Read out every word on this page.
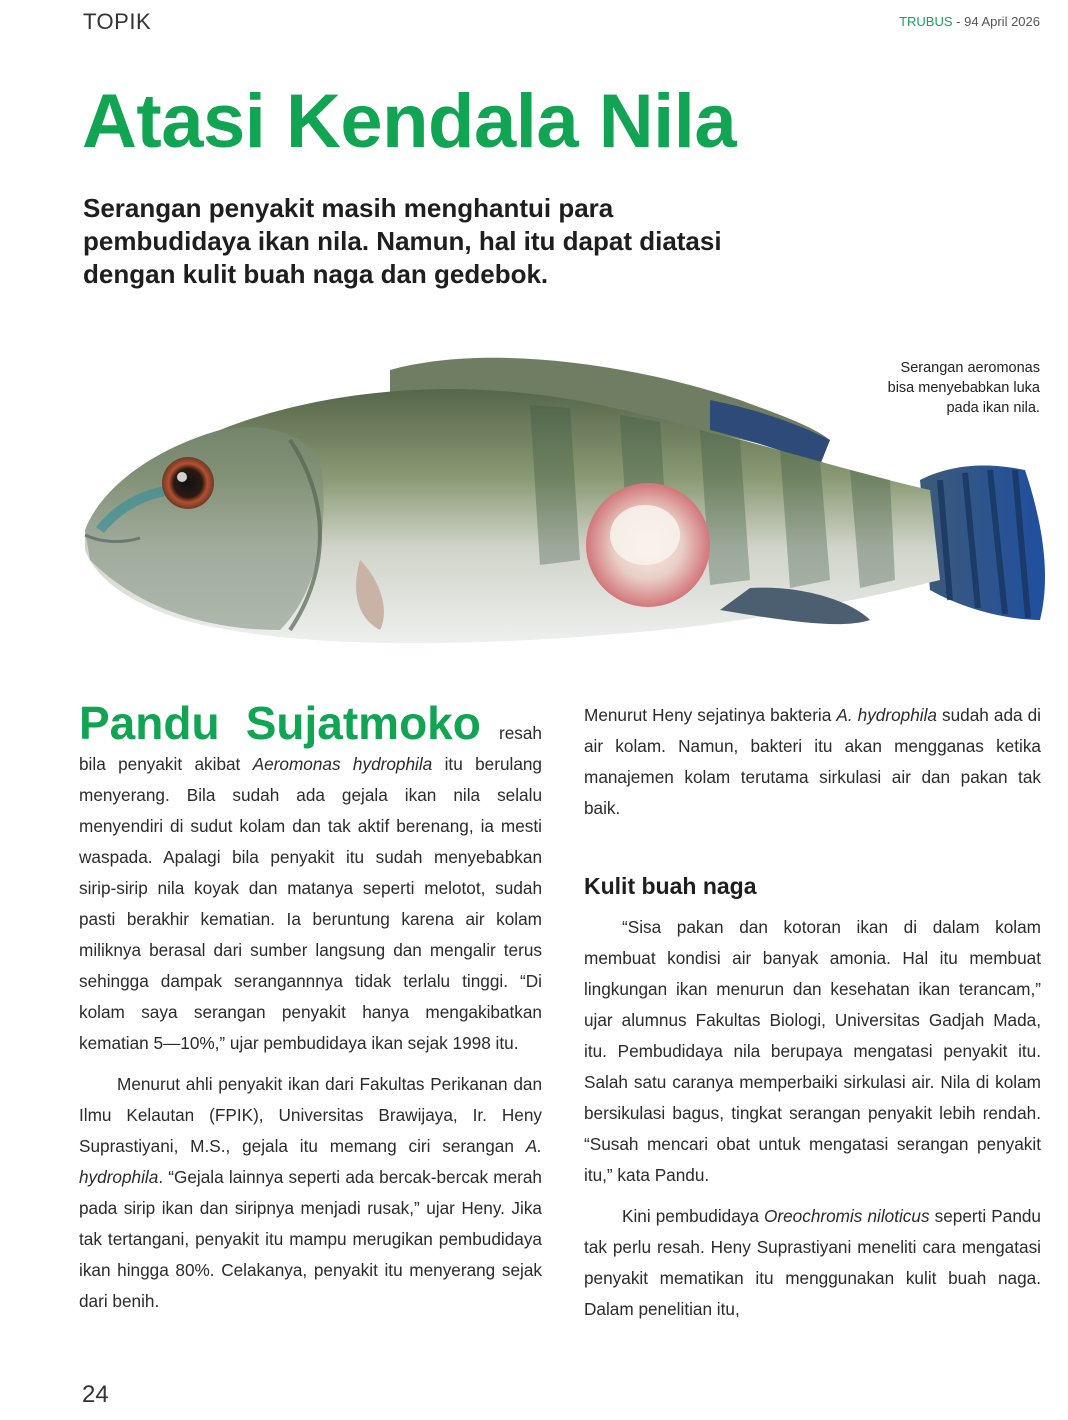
TOPIK	TRUBUS - 94 April 2026
Atasi Kendala Nila
Serangan penyakit masih menghantui para pembudidaya ikan nila. Namun, hal itu dapat diatasi dengan kulit buah naga dan gedebok.
Serangan aeromonas
bisa menyebabkan luka
pada ikan nila.

Pandu Sujatmoko resah bila penyakit akibat Aeromonas hydrophila itu berulang menyerang. Bila sudah ada gejala ikan nila selalu menyendiri di sudut kolam dan tak aktif berenang, ia mesti waspada. Apalagi bila penyakit itu sudah menyebabkan sirip-sirip nila koyak dan matanya seperti melotot, sudah pasti berakhir kematian. Ia beruntung karena air kolam miliknya berasal dari sumber langsung dan mengalir terus sehingga dampak serangannnya tidak terlalu tinggi. “Di kolam saya serangan penyakit hanya mengakibatkan kematian 5—10%,” ujar pembudidaya ikan sejak 1998 itu.

Menurut ahli penyakit ikan dari Fakultas Perikanan dan Ilmu Kelautan (FPIK), Universitas Brawijaya, Ir. Heny Suprastiyani, M.S., gejala itu memang ciri serangan A. hydrophila. “Gejala lainnya seperti ada bercak-bercak merah pada sirip ikan dan siripnya menjadi rusak,” ujar Heny. Jika tak tertangani, penyakit itu mampu merugikan pembudidaya ikan hingga 80%. Celakanya, penyakit itu menyerang sejak dari benih.

Menurut Heny sejatinya bakteria A. hydrophila sudah ada di air kolam. Namun, bakteri itu akan mengganas ketika manajemen kolam terutama sirkulasi air dan pakan tak baik.

Kulit buah naga

“Sisa pakan dan kotoran ikan di dalam kolam membuat kondisi air banyak amonia. Hal itu membuat lingkungan ikan menurun dan kesehatan ikan terancam,” ujar alumnus Fakultas Biologi, Universitas Gadjah Mada, itu. Pembudidaya nila berupaya mengatasi penyakit itu. Salah satu caranya memperbaiki sirkulasi air. Nila di kolam bersikulasi bagus, tingkat serangan penyakit lebih rendah. “Susah mencari obat untuk mengatasi serangan penyakit itu,” kata Pandu.

Kini pembudidaya Oreochromis niloticus seperti Pandu tak perlu resah. Heny Suprastiyani meneliti cara mengatasi penyakit mematikan itu menggunakan kulit buah naga. Dalam penelitian itu,

24
